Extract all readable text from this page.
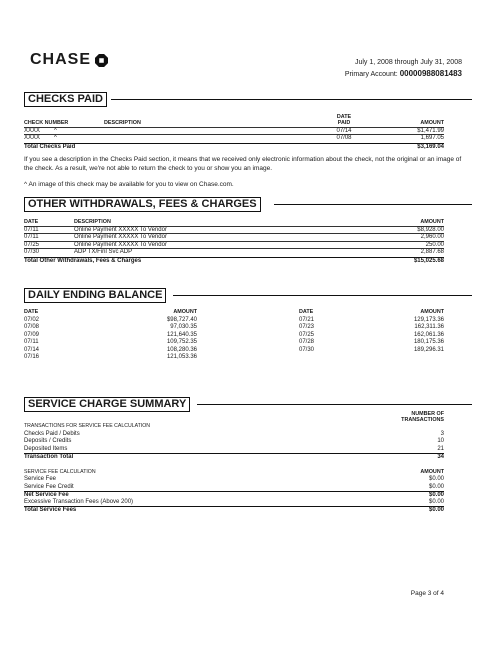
CHASE	July 1, 2008 through July 31, 2008
Primary Account: 00000988081483
CHECKS PAID
DATE
CHECK NUMBER	DESCRIPTION	PAID	AMOUNT
XXXX ^	07/14	$1,471.99
XXXX ^	07/08	1,697.05
Total Checks Paid	$3,169.04
If you see a description in the Checks Paid section, it means that we received only electronic information about the check, not the original or an image of the check. As a result, we're not able to return the check to you or show you an image.
^ An image of this check may be available for you to view on Chase.com.
OTHER WITHDRAWALS, FEES & CHARGES
DATE	DESCRIPTION	AMOUNT
07/11	Online Payment XXXXX To Vendor	$8,928.00
07/11	Online Payment XXXXX To Vendor	2,960.00
07/25	Online Payment XXXXX To Vendor	250.00
07/30	ADP TX/Finl Svc ADP	2,887.68
Total Other Withdrawals, Fees & Charges	$15,025.68
DAILY ENDING BALANCE
DATE	AMOUNT	DATE	AMOUNT
07/02	$98,727.40	07/21	129,173.36
07/08	97,030.35	07/23	162,311.36
07/09	121,640.35	07/25	162,061.36
07/11	109,752.35	07/28	180,175.36
07/14	108,280.36	07/30	189,296.31
07/16	121,053.36
SERVICE CHARGE SUMMARY
NUMBER OF
TRANSACTIONS
TRANSACTIONS FOR SERVICE FEE CALCULATION
Checks Paid / Debits	3
Deposits / Credits	10
Deposited Items	21
Transaction Total	34
SERVICE FEE CALCULATION	AMOUNT
Service Fee	$0.00
Service Fee Credit	$0.00
Net Service Fee	$0.00
Excessive Transaction Fees (Above 200)	$0.00
Total Service Fees	$0.00
Page 3 of 4
